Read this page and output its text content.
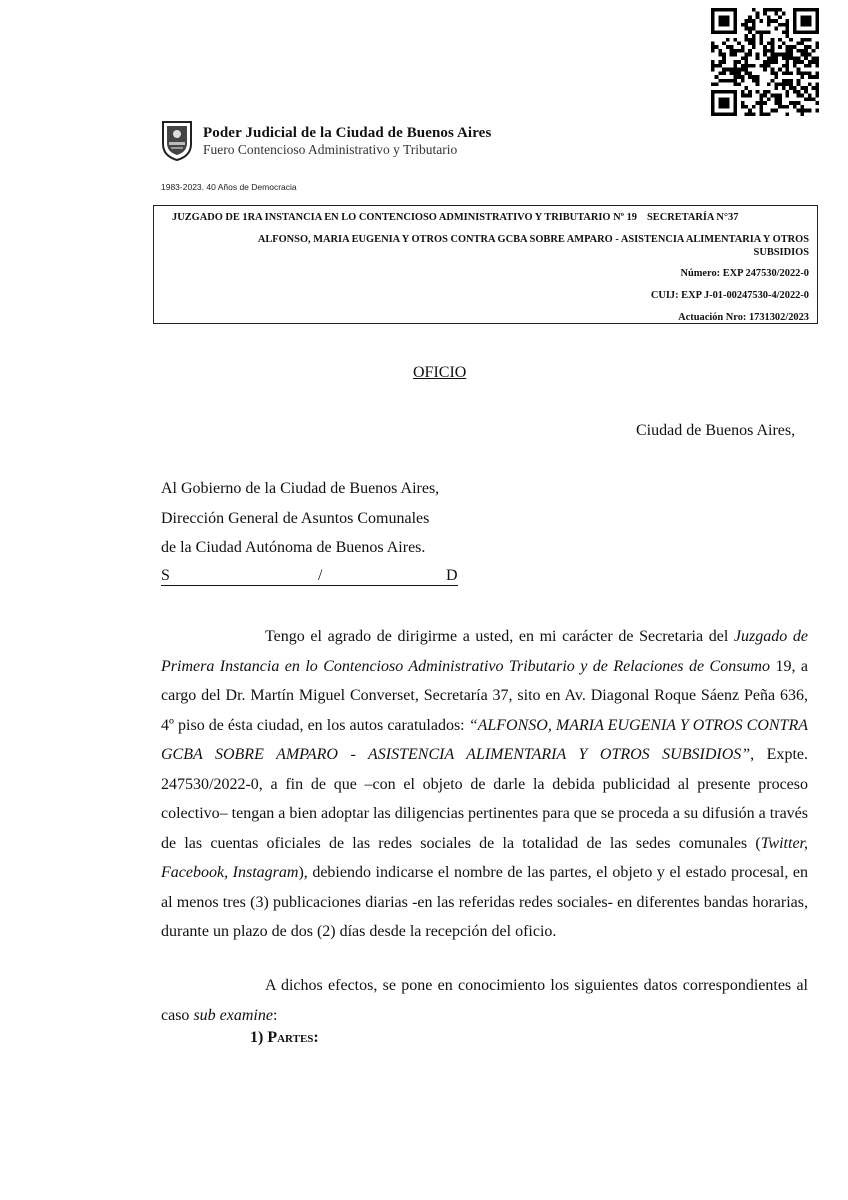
Poder Judicial de la Ciudad de Buenos Aires
Fuero Contencioso Administrativo y Tributario
1983-2023. 40 Años de Democracia
JUZGADO DE 1RA INSTANCIA EN LO CONTENCIOSO ADMINISTRATIVO Y TRIBUTARIO Nº 19 SECRETARÍA N°37
ALFONSO, MARIA EUGENIA Y OTROS CONTRA GCBA SOBRE AMPARO - ASISTENCIA ALIMENTARIA Y OTROS
SUBSIDIOS
Número: EXP 247530/2022-0
CUIJ: EXP J-01-00247530-4/2022-0
Actuación Nro: 1731302/2023
OFICIO
Ciudad de Buenos Aires,
Al Gobierno de la Ciudad de Buenos Aires,
Dirección General de Asuntos Comunales
de la Ciudad Autónoma de Buenos Aires.
S	/	D
Tengo el agrado de dirigirme a usted, en mi carácter de Secretaria del Juzgado de Primera Instancia en lo Contencioso Administrativo Tributario y de Relaciones de Consumo 19, a cargo del Dr. Martín Miguel Converset, Secretaría 37, sito en Av. Diagonal Roque Sáenz Peña 636, 4º piso de ésta ciudad, en los autos caratulados: “ALFONSO, MARIA EUGENIA Y OTROS CONTRA GCBA SOBRE AMPARO - ASISTENCIA ALIMENTARIA Y OTROS SUBSIDIOS”, Expte. 247530/2022-0, a fin de que –con el objeto de darle la debida publicidad al presente proceso colectivo– tengan a bien adoptar las diligencias pertinentes para que se proceda a su difusión a través de las cuentas oficiales de las redes sociales de la totalidad de las sedes comunales (Twitter, Facebook, Instagram), debiendo indicarse el nombre de las partes, el objeto y el estado procesal, en al menos tres (3) publicaciones diarias -en las referidas redes sociales- en diferentes bandas horarias, durante un plazo de dos (2) días desde la recepción del oficio.
A dichos efectos, se pone en conocimiento los siguientes datos correspondientes al caso sub examine:
1) Partes:
